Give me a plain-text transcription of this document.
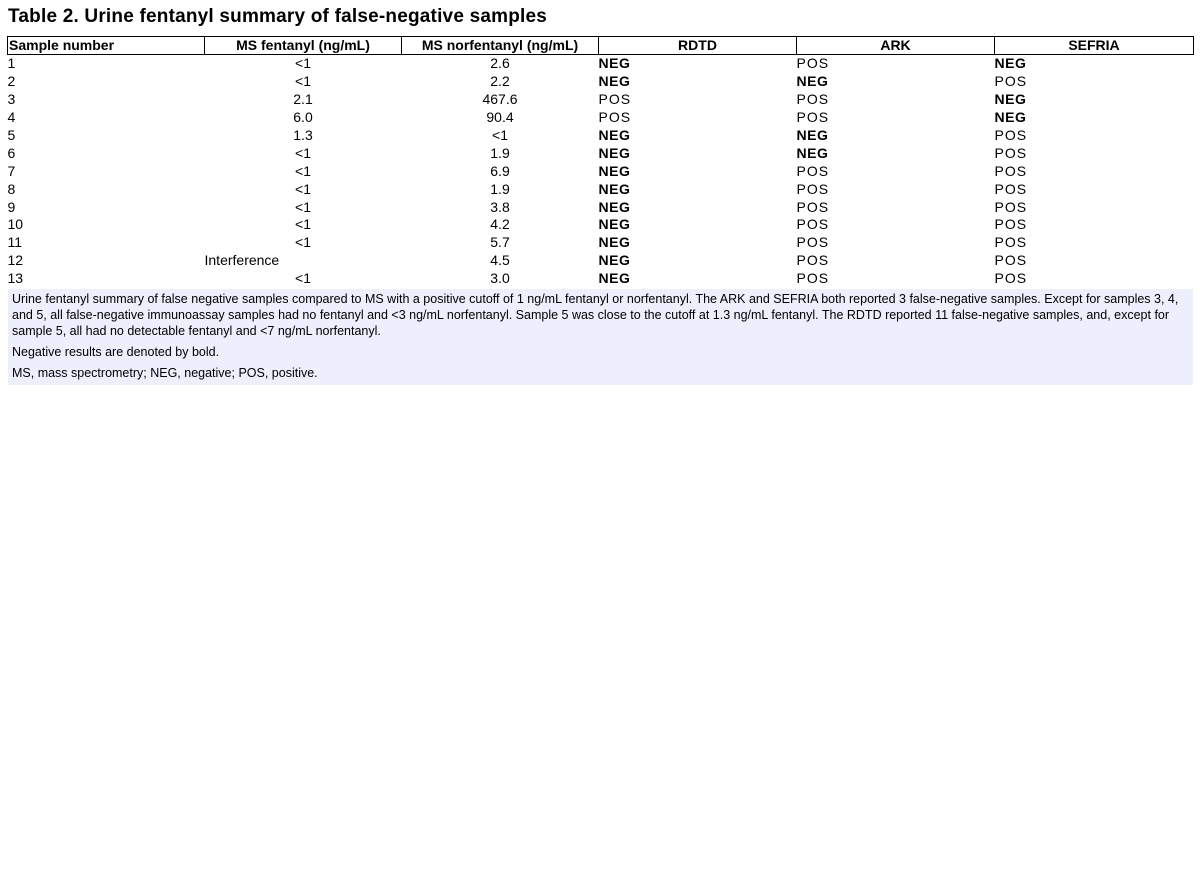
Table 2. Urine fentanyl summary of false-negative samples
Sample number	MS fentanyl (ng/mL)	MS norfentanyl (ng/mL)	RDTD	ARK	SEFRIA
1	<1	2.6	NEG	POS	NEG
2	<1	2.2	NEG	NEG	POS
3	2.1	467.6	POS	POS	NEG
4	6.0	90.4	POS	POS	NEG
5	1.3	<1	NEG	NEG	POS
6	<1	1.9	NEG	NEG	POS
7	<1	6.9	NEG	POS	POS
8	<1	1.9	NEG	POS	POS
9	<1	3.8	NEG	POS	POS
10	<1	4.2	NEG	POS	POS
11	<1	5.7	NEG	POS	POS
12	Interference	4.5	NEG	POS	POS
13	<1	3.0	NEG	POS	POS

Urine fentanyl summary of false negative samples compared to MS with a positive cutoff of 1 ng/mL fentanyl or norfentanyl. The ARK and SEFRIA both reported 3 false-negative samples. Except for samples 3, 4, and 5, all false-negative immunoassay samples had no fentanyl and <3 ng/mL norfentanyl. Sample 5 was close to the cutoff at 1.3 ng/mL fentanyl. The RDTD reported 11 false-negative samples, and, except for sample 5, all had no detectable fentanyl and <7 ng/mL norfentanyl.

Negative results are denoted by bold.

MS, mass spectrometry; NEG, negative; POS, positive.
